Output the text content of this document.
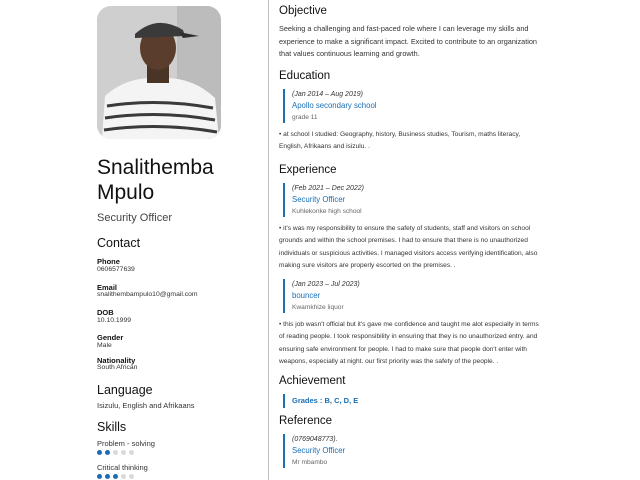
Snalithemba
Mpulo
Security Officer
Contact
Phone
0606577639
Email
snalithembampulo10@gmail.com
DOB
10.10.1999
Gender
Male
Nationality
South African
Language
Isizulu, English and Afrikaans
Skills
Problem - solving
Critical thinking
Objective
Seeking a challenging and fast-paced role where I can leverage my skills and experience to make a significant impact. Excited to contribute to an organization that values continuous learning and growth.
Education
(Jan 2014 – Aug 2019)
Apollo secondary school
grade 11
• at school I studied: Geography, history, Business studies, Tourism, maths literacy, English, Afrikaans and isizulu. .
Experience
(Feb 2021 – Dec 2022)
Security Officer
Kuhlekonke high school
• it's was my responsibility to ensure the safety of students, staff and visitors on school grounds and within the school premises. I had to ensure that there is no unauthorized individuals or suspicious activities. I managed visitors access verifying identification, also making sure visitors are properly escorted on the premises. .
(Jan 2023 – Jul 2023)
bouncer
Kwamkhize liquor
• this job wasn't official but it's gave me confidence and taught me alot especially in terms of reading people. I took responsibility in ensuring that they is no unauthorized entry. and ensuring safe environment for people. I had to make sure that people don't enter with weapons, especially at night. our first priority was the safety of the people. .
Achievement
Grades : B, C, D, E
Reference
(0769048773).
Security Officer
Mr mbambo
